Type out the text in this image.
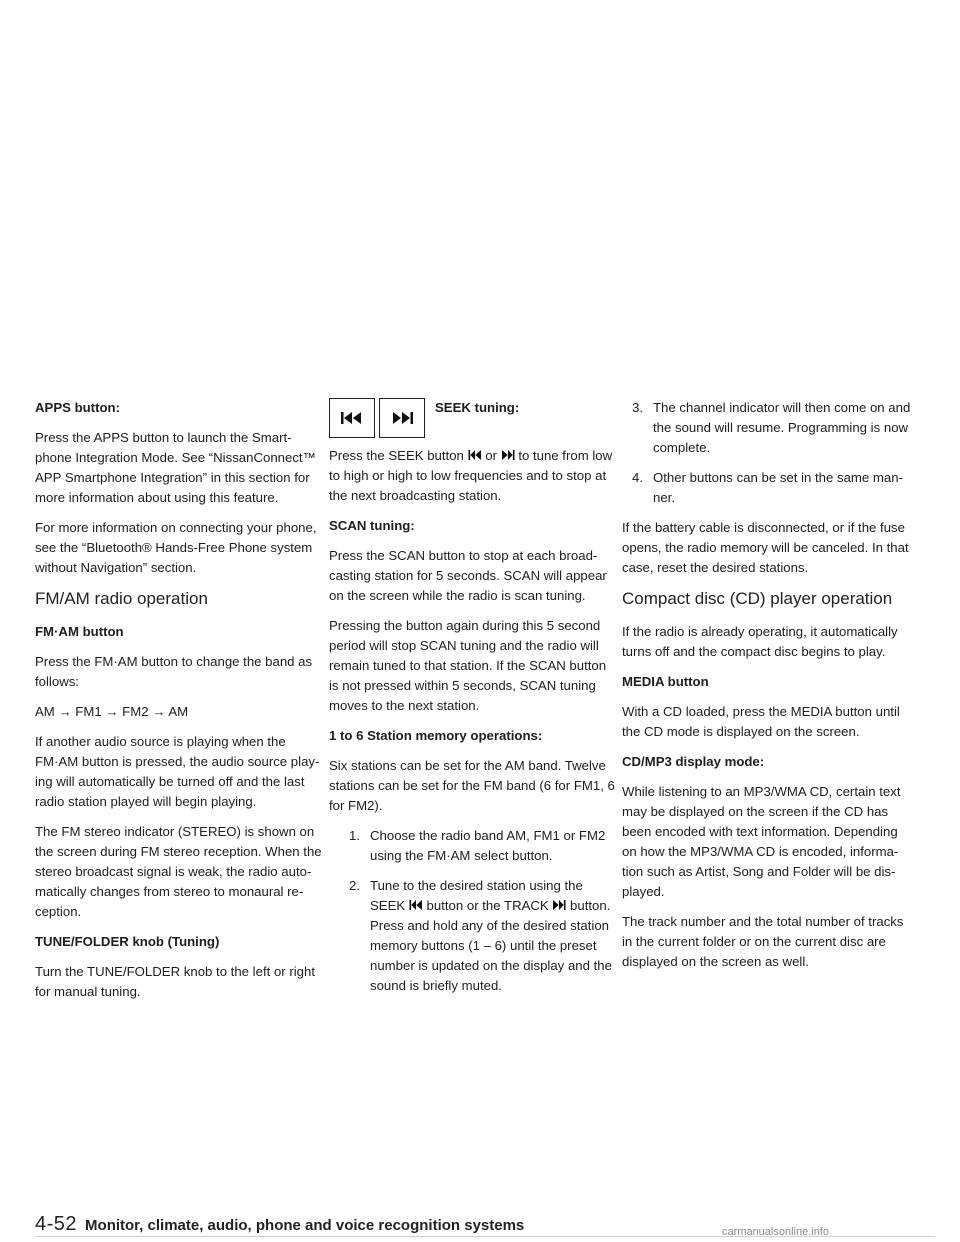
APPS button:

Press the APPS button to launch the Smart-phone Integration Mode. See “NissanConnect™ APP Smartphone Integration” in this section for more information about using this feature.

For more information on connecting your phone, see the “Bluetooth® Hands-Free Phone system without Navigation” section.

FM/AM radio operation
FM·AM button

Press the FM·AM button to change the band as follows:

AM → FM1 → FM2 → AM

If another audio source is playing when the FM·AM button is pressed, the audio source play-ing will automatically be turned off and the last radio station played will begin playing.

The FM stereo indicator (STEREO) is shown on the screen during FM stereo reception. When the stereo broadcast signal is weak, the radio auto-matically changes from stereo to monaural re-ception.

TUNE/FOLDER knob (Tuning)

Turn the TUNE/FOLDER knob to the left or right for manual tuning.

SEEK tuning:

Press the SEEK button or to tune from low to high or high to low frequencies and to stop at the next broadcasting station.

SCAN tuning:

Press the SCAN button to stop at each broad-casting station for 5 seconds. SCAN will appear on the screen while the radio is scan tuning.

Pressing the button again during this 5 second period will stop SCAN tuning and the radio will remain tuned to that station. If the SCAN button is not pressed within 5 seconds, SCAN tuning moves to the next station.

1 to 6 Station memory operations:

Six stations can be set for the AM band. Twelve stations can be set for the FM band (6 for FM1, 6 for FM2).

1. Choose the radio band AM, FM1 or FM2 using the FM·AM select button.
2. Tune to the desired station using the SEEK button or the TRACK button. Press and hold any of the desired station memory buttons (1 – 6) until the preset number is updated on the display and the sound is briefly muted.
3. The channel indicator will then come on and the sound will resume. Programming is now complete.
4. Other buttons can be set in the same man-ner.

If the battery cable is disconnected, or if the fuse opens, the radio memory will be canceled. In that case, reset the desired stations.

Compact disc (CD) player operation

If the radio is already operating, it automatically turns off and the compact disc begins to play.

MEDIA button

With a CD loaded, press the MEDIA button until the CD mode is displayed on the screen.

CD/MP3 display mode:

While listening to an MP3/WMA CD, certain text may be displayed on the screen if the CD has been encoded with text information. Depending on how the MP3/WMA CD is encoded, informa-tion such as Artist, Song and Folder will be dis-played.

The track number and the total number of tracks in the current folder or on the current disc are displayed on the screen as well.

4-52 Monitor, climate, audio, phone and voice recognition systems	carmanualsonline.info
